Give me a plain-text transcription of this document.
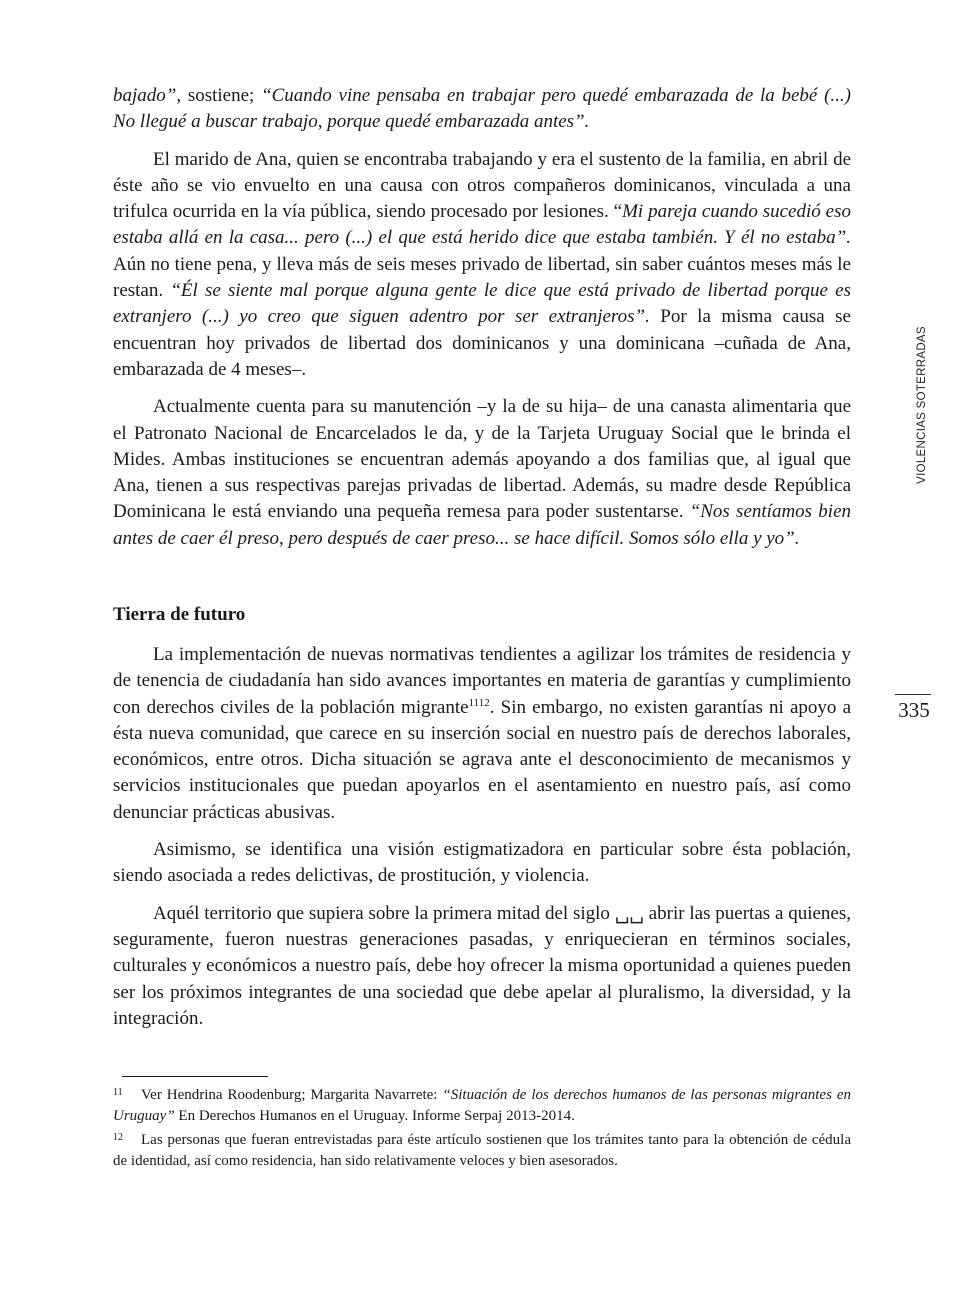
VIOLENCIAS SOTERRADAS
335

bajado”, sostiene; “Cuando vine pensaba en trabajar pero quedé embarazada de la bebé (...) No llegué a buscar trabajo, porque quedé embarazada antes”.

El marido de Ana, quien se encontraba trabajando y era el sustento de la familia, en abril de éste año se vio envuelto en una causa con otros compañeros dominicanos, vinculada a una trifulca ocurrida en la vía pública, siendo procesado por lesiones. “Mi pareja cuando sucedió eso estaba allá en la casa... pero (...) el que está herido dice que estaba también. Y él no estaba”. Aún no tiene pena, y lleva más de seis meses privado de libertad, sin saber cuántos meses más le restan. “Él se siente mal porque alguna gente le dice que está privado de libertad porque es extranjero (...) yo creo que siguen adentro por ser extranjeros”. Por la misma causa se encuentran hoy privados de libertad dos dominicanos y una dominicana –cuñada de Ana, embarazada de 4 meses–.

Actualmente cuenta para su manutención –y la de su hija– de una canasta alimentaria que el Patronato Nacional de Encarcelados le da, y de la Tarjeta Uruguay Social que le brinda el Mides. Ambas instituciones se encuentran además apoyando a dos familias que, al igual que Ana, tienen a sus respectivas parejas privadas de libertad. Además, su madre desde República Dominicana le está enviando una pequeña remesa para poder sustentarse. “Nos sentíamos bien antes de caer él preso, pero después de caer preso... se hace difícil. Somos sólo ella y yo”.

Tierra de futuro

La implementación de nuevas normativas tendientes a agilizar los trámites de residencia y de tenencia de ciudadanía han sido avances importantes en materia de garantías y cumplimiento con derechos civiles de la población migrante$^{1112}$. Sin embargo, no existen garantías ni apoyo a ésta nueva comunidad, que carece en su inserción social en nuestro país de derechos laborales, económicos, entre otros. Dicha situación se agrava ante el desconocimiento de mecanismos y servicios institucionales que puedan apoyarlos en el asentamiento en nuestro país, así como denunciar prácticas abusivas.

Asimismo, se identifica una visión estigmatizadora en particular sobre ésta población, siendo asociada a redes delictivas, de prostitución, y violencia.

Aquél territorio que supiera sobre la primera mitad del siglo ␣␣ abrir las puertas a quienes, seguramente, fueron nuestras generaciones pasadas, y enriquecieran en términos sociales, culturales y económicos a nuestro país, debe hoy ofrecer la misma oportunidad a quienes pueden ser los próximos integrantes de una sociedad que debe apelar al pluralismo, la diversidad, y la integración.

11 Ver Hendrina Roodenburg; Margarita Navarrete: “Situación de los derechos humanos de las personas migrantes en Uruguay” En Derechos Humanos en el Uruguay. Informe Serpaj 2013-2014.

12 Las personas que fueran entrevistadas para éste artículo sostienen que los trámites tanto para la obtención de cédula de identidad, así como residencia, han sido relativamente veloces y bien asesorados.
